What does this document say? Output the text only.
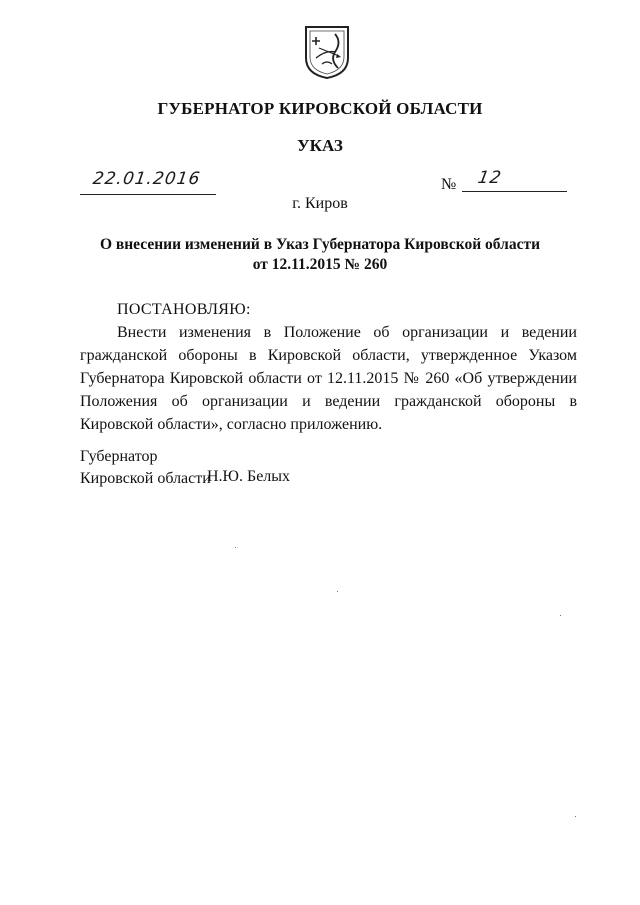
ГУБЕРНАТОР КИРОВСКОЙ ОБЛАСТИ
УКАЗ
22.01.2016	№ 12
г. Киров
О внесении изменений в Указ Губернатора Кировской области
от 12.11.2015 № 260
ПОСТАНОВЛЯЮ:
Внести изменения в Положение об организации и ведении гражданской обороны в Кировской области, утвержденное Указом Губернатора Кировской области от 12.11.2015 № 260 «Об утверждении Положения об организации и ведении гражданской обороны в Кировской области», согласно приложению.
Губернатор
Кировской области
Н.Ю. Белых
